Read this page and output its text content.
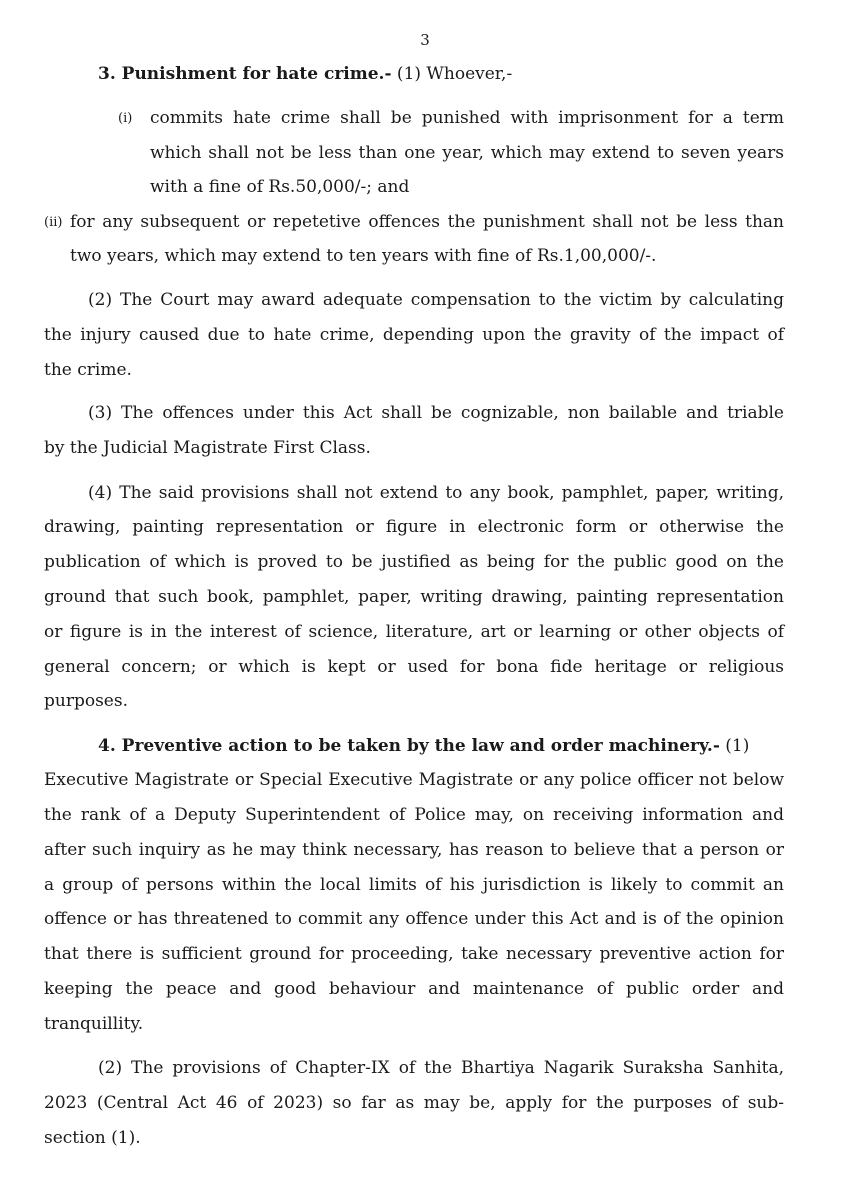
3
3. Punishment for hate crime.- (1) Whoever,-
(i) commits hate crime shall be punished with imprisonment for a term
which shall not be less than one year, which may extend to seven years
with a fine of Rs.50,000/-; and
(ii) for any subsequent or repetetive offences the punishment shall not be less than
two years, which may extend to ten years with fine of Rs.1,00,000/-.
(2) The Court may award adequate compensation to the victim by calculating
the injury caused due to hate crime, depending upon the gravity of the impact of
the crime.
(3) The offences under this Act shall be cognizable, non bailable and triable
by the Judicial Magistrate First Class.
(4) The said provisions shall not extend to any book, pamphlet, paper, writing,
drawing, painting representation or figure in electronic form or otherwise the
publication of which is proved to be justified as being for the public good on the
ground that such book, pamphlet, paper, writing drawing, painting representation
or figure is in the interest of science, literature, art or learning or other objects of
general concern; or which is kept or used for bona fide heritage or religious
purposes.
4. Preventive action to be taken by the law and order machinery.- (1)
Executive Magistrate or Special Executive Magistrate or any police officer not below
the rank of a Deputy Superintendent of Police may, on receiving information and
after such inquiry as he may think necessary, has reason to believe that a person or
a group of persons within the local limits of his jurisdiction is likely to commit an
offence or has threatened to commit any offence under this Act and is of the opinion
that there is sufficient ground for proceeding, take necessary preventive action for
keeping the peace and good behaviour and maintenance of public order and
tranquillity.
(2) The provisions of Chapter-IX of the Bhartiya Nagarik Suraksha Sanhita,
2023 (Central Act 46 of 2023) so far as may be, apply for the purposes of sub-
section (1).
